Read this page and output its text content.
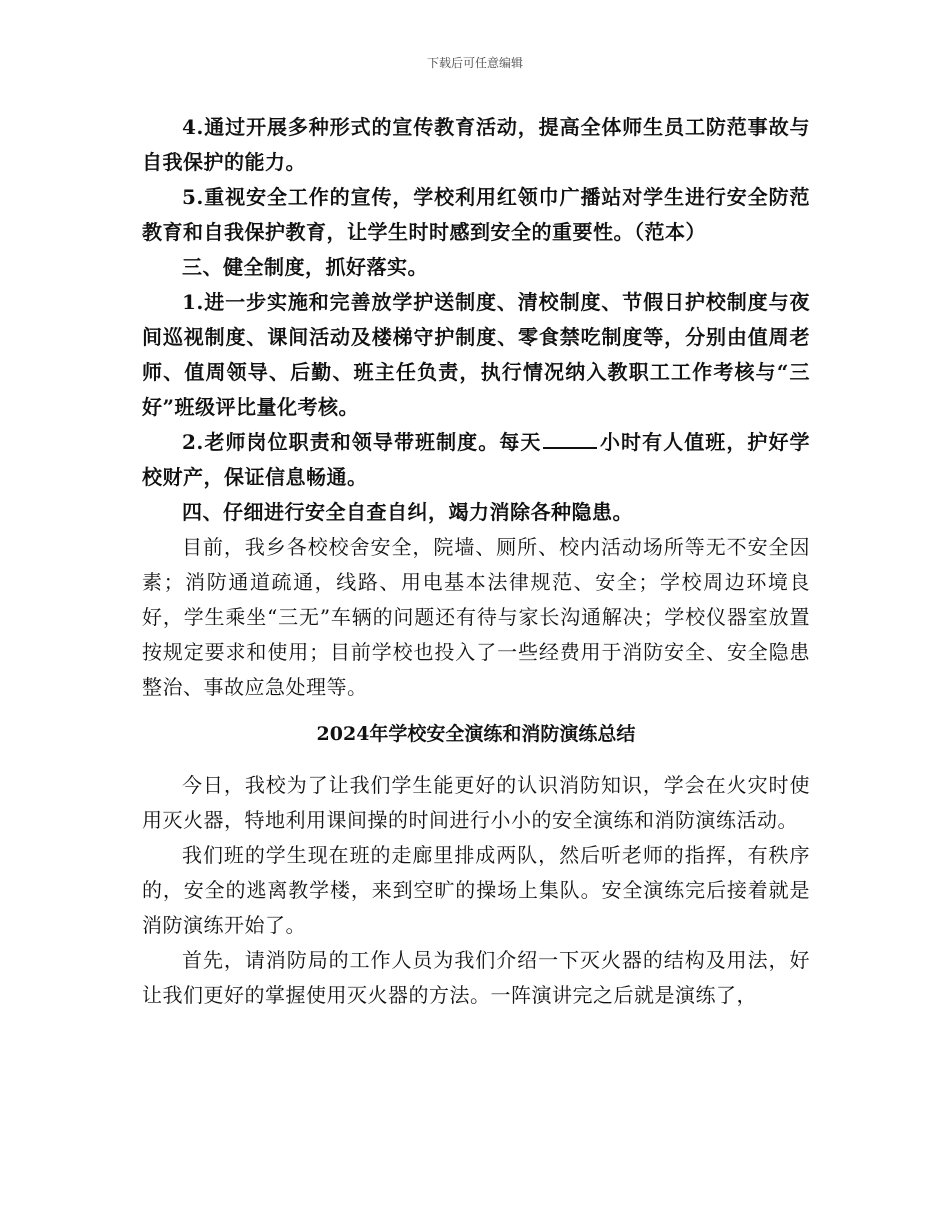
下载后可任意编辑

4.通过开展多种形式的宣传教育活动，提高全体师生员工防范事故与自我保护的能力。

5.重视安全工作的宣传，学校利用红领巾广播站对学生进行安全防范教育和自我保护教育，让学生时时感到安全的重要性。（范本）

三、健全制度，抓好落实。

1.进一步实施和完善放学护送制度、清校制度、节假日护校制度与夜间巡视制度、课间活动及楼梯守护制度、零食禁吃制度等，分别由值周老师、值周领导、后勤、班主任负责，执行情况纳入教职工工作考核与“三好”班级评比量化考核。

2.老师岗位职责和领导带班制度。每天	小时有人值班，护好学校财产，保证信息畅通。

四、仔细进行安全自查自纠，竭力消除各种隐患。

目前，我乡各校校舍安全，院墙、厕所、校内活动场所等无不安全因素；消防通道疏通，线路、用电基本法律规范、安全；学校周边环境良好，学生乘坐“三无”车辆的问题还有待与家长沟通解决；学校仪器室放置按规定要求和使用；目前学校也投入了一些经费用于消防安全、安全隐患整治、事故应急处理等。

2024年学校安全演练和消防演练总结

今日，我校为了让我们学生能更好的认识消防知识，学会在火灾时使用灭火器，特地利用课间操的时间进行小小的安全演练和消防演练活动。

我们班的学生现在班的走廊里排成两队，然后听老师的指挥，有秩序的，安全的逃离教学楼，来到空旷的操场上集队。安全演练完后接着就是消防演练开始了。

首先，请消防局的工作人员为我们介绍一下灭火器的结构及用法，好让我们更好的掌握使用灭火器的方法。一阵演讲完之后就是演练了，
